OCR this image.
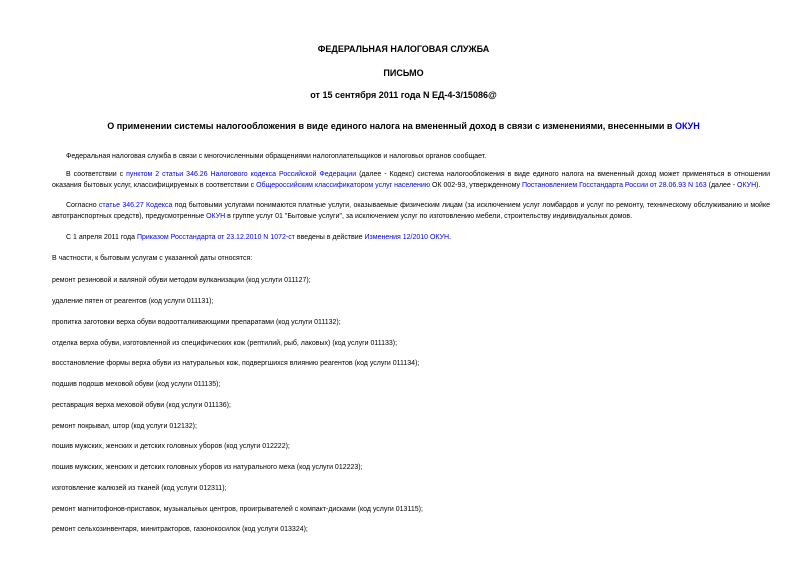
ФЕДЕРАЛЬНАЯ НАЛОГОВАЯ СЛУЖБА
ПИСЬМО
от 15 сентября 2011 года N ЕД-4-3/15086@
О применении системы налогообложения в виде единого налога на вмененный доход в связи с изменениями, внесенными в ОКУН
Федеральная налоговая служба в связи с многочисленными обращениями налогоплательщиков и налоговых органов сообщает.
В соответствии с пунктом 2 статьи 346.26 Налогового кодекса Российской Федерации (далее - Кодекс) система налогообложения в виде единого налога на вмененный доход может применяться в отношении оказания бытовых услуг, классифицируемых в соответствии с Общероссийским классификатором услуг населению ОК 002-93, утвержденному Постановлением Госстандарта России от 28.06.93 N 163 (далее - ОКУН).
Согласно статье 346.27 Кодекса под бытовыми услугами понимаются платные услуги, оказываемые физическим лицам (за исключением услуг ломбардов и услуг по ремонту, техническому обслуживанию и мойке автотранспортных средств), предусмотренные ОКУН в группе услуг 01 "Бытовые услуги", за исключением услуг по изготовлению мебели, строительству индивидуальных домов.
С 1 апреля 2011 года Приказом Росстандарта от 23.12.2010 N 1072-ст введены в действие Изменения 12/2010 ОКУН.
В частности, к бытовым услугам с указанной даты относятся:
ремонт резиновой и валяной обуви методом вулканизации (код услуги 011127);
удаление пятен от реагентов (код услуги 011131);
пропитка заготовки верха обуви водоотталкивающими препаратами (код услуги 011132);
отделка верха обуви, изготовленной из специфических кож (рептилий, рыб, лаковых) (код услуги 011133);
восстановление формы верха обуви из натуральных кож, подвергшихся влиянию реагентов (код услуги 011134);
подшив подошв меховой обуви (код услуги 011135);
реставрация верха меховой обуви (код услуги 011136);
ремонт покрывал, штор (код услуги 012132);
пошив мужских, женских и детских головных уборов (код услуги 012222);
пошив мужских, женских и детских головных уборов из натурального меха (код услуги 012223);
изготовление жалюзей из тканей (код услуги 012311);
ремонт магнитофонов-приставок, музыкальных центров, проигрывателей с компакт-дисками (код услуги 013115);
ремонт сельхозинвентаря, минитракторов, газонокосилок (код услуги 013324);
